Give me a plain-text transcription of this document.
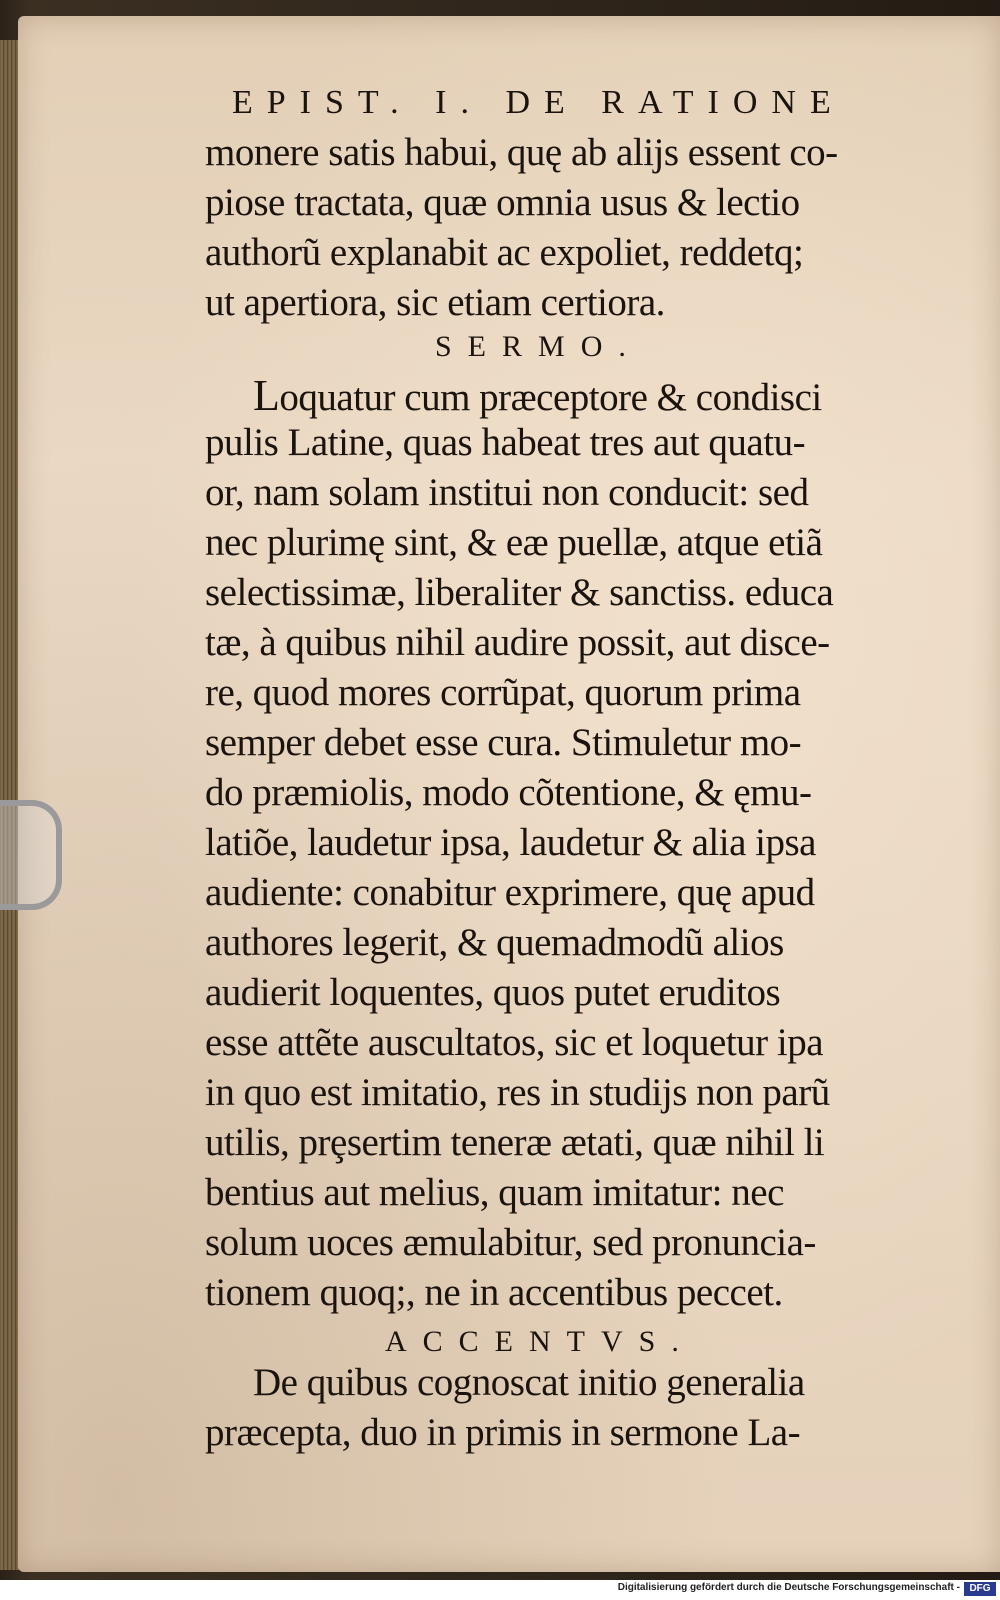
EPIST. I. DE RATIONE
monere satis habui, quę ab alijs essent co-
piose tractata, quæ omnia usus & lectio
authorũ explanabit ac expoliet, reddetq;
ut apertiora, sic etiam certiora.
SERMO.
Loquatur cum præceptore & condisci
pulis Latine, quas habeat tres aut quatu-
or, nam solam institui non conducit: sed
nec plurimę sint, & eæ puellæ, atque etiã
selectissimæ, liberaliter & sanctiss. educa
tæ, à quibus nihil audire possit, aut disce-
re, quod mores corrũpat, quorum prima
semper debet esse cura. Stimuletur mo-
do præmiolis, modo cõtentione, & ęmu-
latiõe, laudetur ipsa, laudetur & alia ipsa
audiente: conabitur exprimere, quę apud
authores legerit, & quemadmodũ alios
audierit loquentes, quos putet eruditos
esse attẽte auscultatos, sic et loquetur ipa
in quo est imitatio, res in studijs non parũ
utilis, prȩsertim teneræ ætati, quæ nihil li
bentius aut melius, quam imitatur: nec
solum uoces æmulabitur, sed pronuncia-
tionem quoq;, ne in accentibus peccet.
ACCENTVS.
De quibus cognoscat initio generalia
præcepta, duo in primis in sermone La-
Digitalisierung gefördert durch die Deutsche Forschungsgemeinschaft - DFG
